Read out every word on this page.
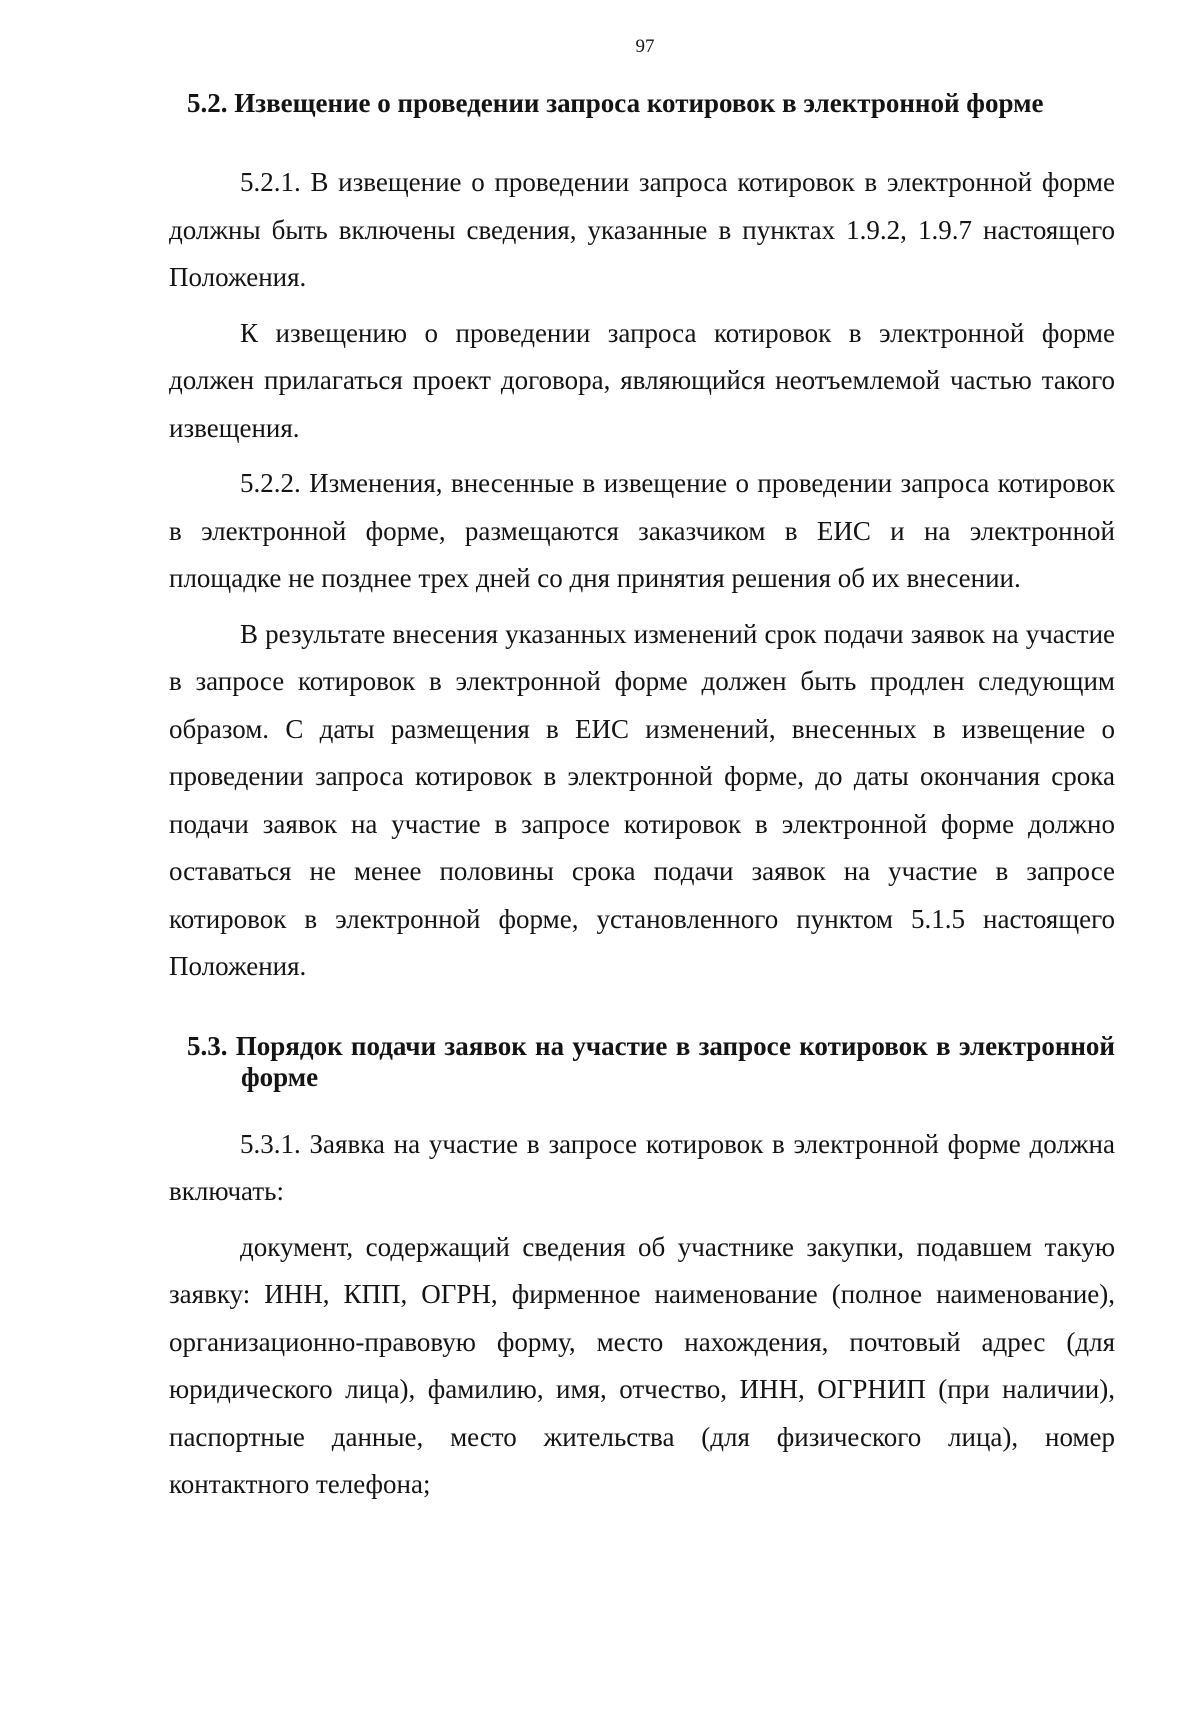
97
5.2. Извещение о проведении запроса котировок в электронной форме

5.2.1. В извещение о проведении запроса котировок в электронной форме должны быть включены сведения, указанные в пунктах 1.9.2, 1.9.7 настоящего Положения.

К извещению о проведении запроса котировок в электронной форме должен прилагаться проект договора, являющийся неотъемлемой частью такого извещения.

5.2.2. Изменения, внесенные в извещение о проведении запроса котировок в электронной форме, размещаются заказчиком в ЕИС и на электронной площадке не позднее трех дней со дня принятия решения об их внесении.

В результате внесения указанных изменений срок подачи заявок на участие в запросе котировок в электронной форме должен быть продлен следующим образом. С даты размещения в ЕИС изменений, внесенных в извещение о проведении запроса котировок в электронной форме, до даты окончания срока подачи заявок на участие в запросе котировок в электронной форме должно оставаться не менее половины срока подачи заявок на участие в запросе котировок в электронной форме, установленного пунктом 5.1.5 настоящего Положения.

5.3. Порядок подачи заявок на участие в запросе котировок в электронной форме

5.3.1. Заявка на участие в запросе котировок в электронной форме должна включать:

документ, содержащий сведения об участнике закупки, подавшем такую заявку: ИНН, КПП, ОГРН, фирменное наименование (полное наименование), организационно-правовую форму, место нахождения, почтовый адрес (для юридического лица), фамилию, имя, отчество, ИНН, ОГРНИП (при наличии), паспортные данные, место жительства (для физического лица), номер контактного телефона;
